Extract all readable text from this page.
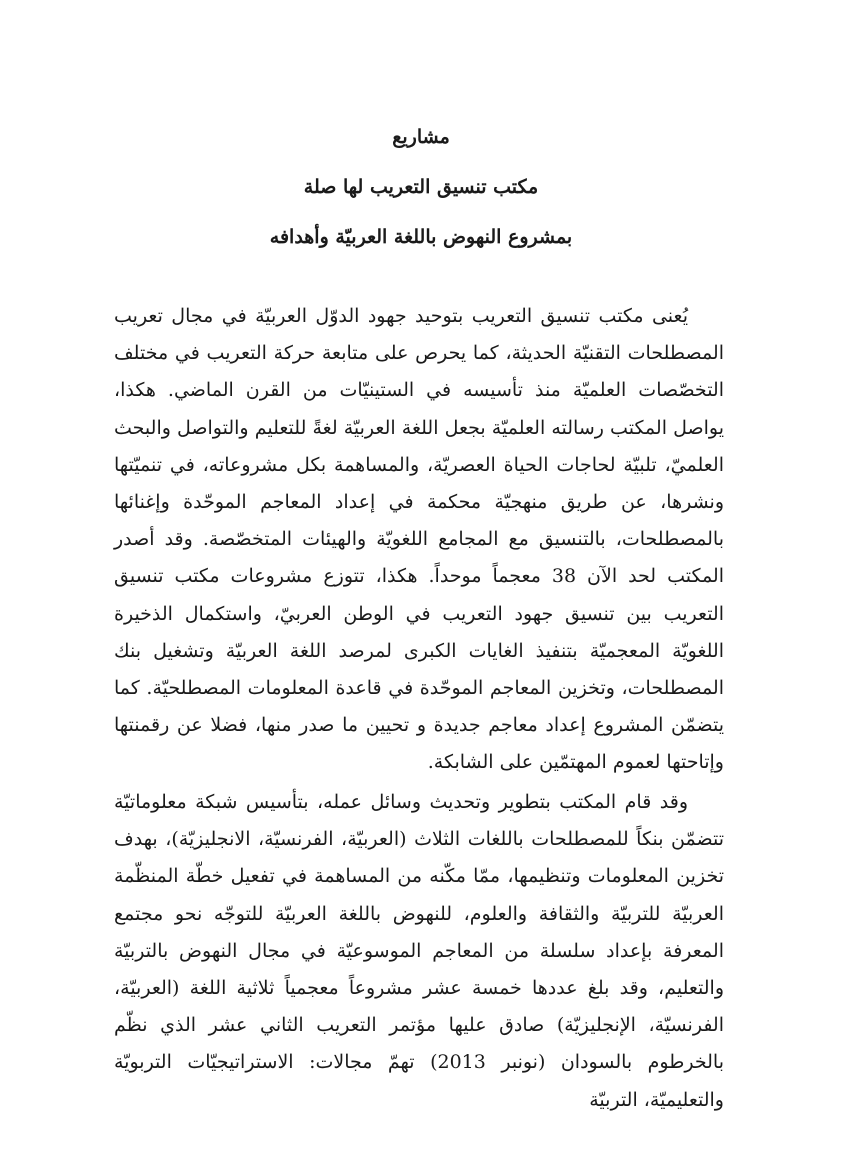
مشاريع
مكتب تنسيق التعريب لها صلة
بمشروع النهوض باللغة العربيّة وأهدافه

يُعنى مكتب تنسيق التعريب بتوحيد جهود الدوّل العربيّة في مجال تعريب المصطلحات التقنيّة الحديثة، كما يحرص على متابعة حركة التعريب في مختلف التخصّصات العلميّة منذ تأسيسه في الستينيّات من القرن الماضي. هكذا، يواصل المكتب رسالته العلميّة بجعل اللغة العربيّة لغةً للتعليم والتواصل والبحث العلميّ، تلبيّة لحاجات الحياة العصريّة، والمساهمة بكل مشروعاته، في تنميّتها ونشرها، عن طريق منهجيّة محكمة في إعداد المعاجم الموحّدة وإغنائها بالمصطلحات، بالتنسيق مع المجامع اللغويّة والهيئات المتخصّصة. وقد أصدر المكتب لحد الآن 38 معجماً موحداً. هكذا، تتوزع مشروعات مكتب تنسيق التعريب بين تنسيق جهود التعريب في الوطن العربيّ، واستكمال الذخيرة اللغويّة المعجميّة بتنفيذ الغايات الكبرى لمرصد اللغة العربيّة وتشغيل بنك المصطلحات، وتخزين المعاجم الموحّدة في قاعدة المعلومات المصطلحيّة. كما يتضمّن المشروع إعداد معاجم جديدة و تحيين ما صدر منها، فضلا عن رقمنتها وإتاحتها لعموم المهتمّين على الشابكة.

وقد قام المكتب بتطوير وتحديث وسائل عمله، بتأسيس شبكة معلوماتيّة تتضمّن بنكاً للمصطلحات باللغات الثلاث (العربيّة، الفرنسيّة، الانجليزيّة)، بهدف تخزين المعلومات وتنظيمها، ممّا مكّنه من المساهمة في تفعيل خطّة المنظّمة العربيّة للتربيّة والثقافة والعلوم، للنهوض باللغة العربيّة للتوجّه نحو مجتمع المعرفة بإعداد سلسلة من المعاجم الموسوعيّة في مجال النهوض بالتربيّة والتعليم، وقد بلغ عددها خمسة عشر مشروعاً معجمياً ثلاثية اللغة (العربيّة، الفرنسيّة، الإنجليزيّة) صادق عليها مؤتمر التعريب الثاني عشر الذي نظّم بالخرطوم بالسودان (نونبر 2013) تهمّ مجالات: الاستراتيجيّات التربويّة والتعليميّة، التربيّة
